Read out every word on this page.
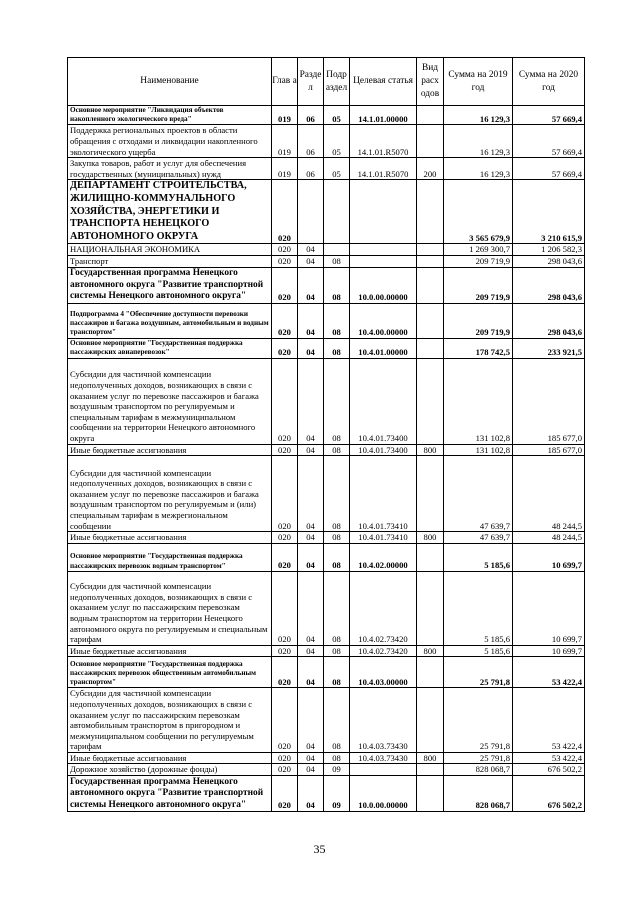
Наименование	Глав а	Разде л	Подр аздел	Целевая статья	Вид расх одов	Сумма на 2019 год	Сумма на 2020 год
Основное мероприятие "Ликвидация объектов накопленного экологического вреда"	019	06	05	14.1.01.00000		16 129,3	57 669,4
Поддержка региональных проектов в области обращения с отходами и ликвидации накопленного экологического ущерба	019	06	05	14.1.01.R5070		16 129,3	57 669,4
Закупка товаров, работ и услуг для обеспечения государственных (муниципальных) нужд	019	06	05	14.1.01.R5070	200	16 129,3	57 669,4
ДЕПАРТАМЕНТ СТРОИТЕЛЬСТВА, ЖИЛИЩНО-КОММУНАЛЬНОГО ХОЗЯЙСТВА, ЭНЕРГЕТИКИ И ТРАНСПОРТА НЕНЕЦКОГО АВТОНОМНОГО ОКРУГА	020					3 565 679,9	3 210 615,9
НАЦИОНАЛЬНАЯ ЭКОНОМИКА	020	04				1 269 300,7	1 206 582,3
Транспорт	020	04	08			209 719,9	298 043,6
Государственная программа Ненецкого автономного округа "Развитие транспортной системы Ненецкого автономного округа"	020	04	08	10.0.00.00000		209 719,9	298 043,6
Подпрограмма 4 "Обеспечение доступности перевозки пассажиров и багажа воздушным, автомобильным и водным транспортом"	020	04	08	10.4.00.00000		209 719,9	298 043,6
Основное мероприятие "Государственная поддержка пассажирских авиаперевозок"	020	04	08	10.4.01.00000		178 742,5	233 921,5
Субсидии для частичной компенсации недополученных доходов, возникающих в связи с оказанием услуг по перевозке пассажиров и багажа воздушным транспортом по регулируемым и специальным тарифам в межмуниципальном сообщении на территории Ненецкого автономного округа	020	04	08	10.4.01.73400		131 102,8	185 677,0
Иные бюджетные ассигнования	020	04	08	10.4.01.73400	800	131 102,8	185 677,0
Субсидии для частичной компенсации недополученных доходов, возникающих в связи с оказанием услуг по перевозке пассажиров и багажа воздушным транспортом по регулируемым и (или) специальным тарифам в межрегиональном сообщении	020	04	08	10.4.01.73410		47 639,7	48 244,5
Иные бюджетные ассигнования	020	04	08	10.4.01.73410	800	47 639,7	48 244,5
Основное мероприятие "Государственная поддержка пассажирских перевозок водным транспортом"	020	04	08	10.4.02.00000		5 185,6	10 699,7
Субсидии для частичной компенсации недополученных доходов, возникающих в связи с оказанием услуг по пассажирским перевозкам водным транспортом на территории Ненецкого автономного округа по регулируемым и специальным тарифам	020	04	08	10.4.02.73420		5 185,6	10 699,7
Иные бюджетные ассигнования	020	04	08	10.4.02.73420	800	5 185,6	10 699,7
Основное мероприятие "Государственная поддержка пассажирских перевозок общественным автомобильным транспортом"	020	04	08	10.4.03.00000		25 791,8	53 422,4
Субсидии для частичной компенсации недополученных доходов, возникающих в связи с оказанием услуг по пассажирским перевозкам автомобильным транспортом в пригородном и межмуниципальном сообщении по регулируемым тарифам	020	04	08	10.4.03.73430		25 791,8	53 422,4
Иные бюджетные ассигнования	020	04	08	10.4.03.73430	800	25 791,8	53 422,4
Дорожное хозяйство (дорожные фонды)	020	04	09			828 068,7	676 502,2
Государственная программа Ненецкого автономного округа "Развитие транспортной системы Ненецкого автономного округа"	020	04	09	10.0.00.00000		828 068,7	676 502,2
35
